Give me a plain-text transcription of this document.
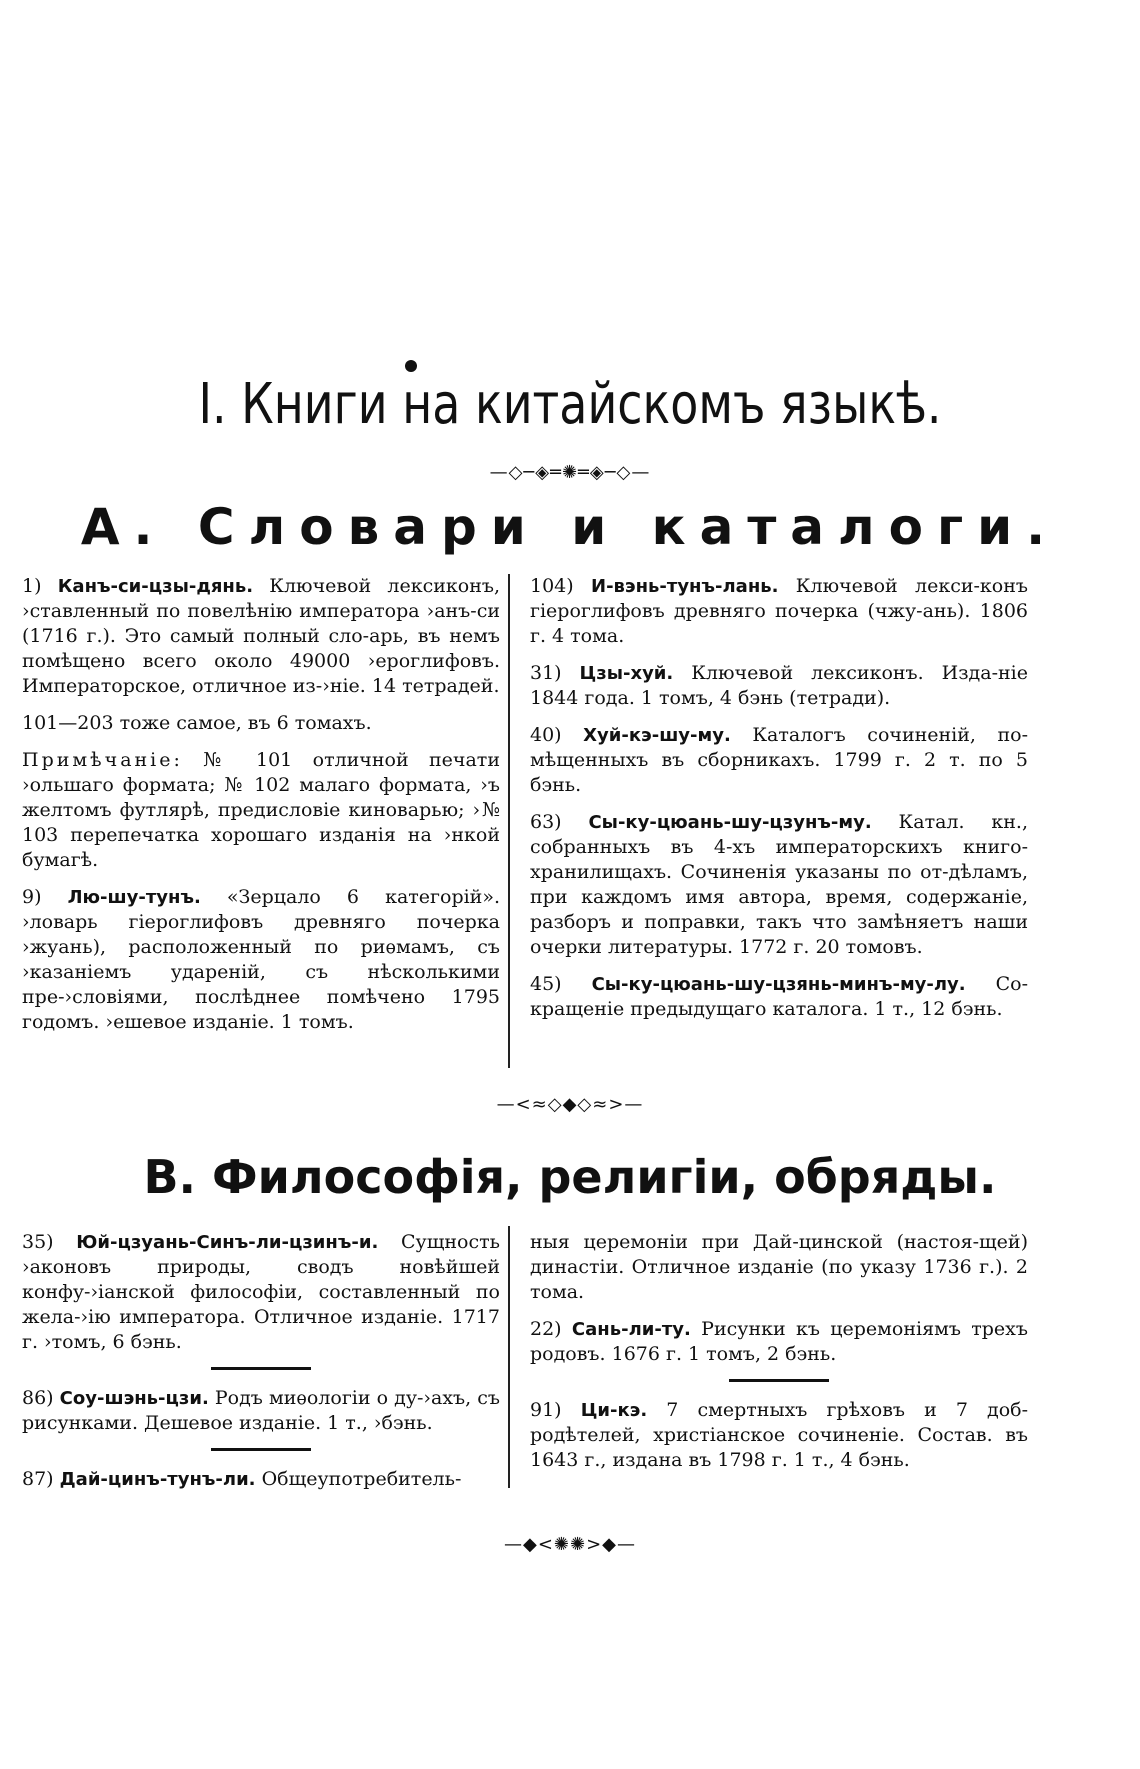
I. Книги на китайскомъ языкѣ.
—◇─◈═✺═◈─◇—
А. Словари и каталоги.

1) Канъ-си-цзы-дянь. Ключевой лексиконъ, ›ставленный по повелѣнію императора ›анъ-си (1716 г.). Это самый полный сло-арь, въ немъ помѣщено всего около 49000 ›ероглифовъ. Императорское, отличное из-›ніе. 14 тетрадей.

101—203 тоже самое, въ 6 томахъ.

Примѣчаніе: № 101 отличной печати ›ольшаго формата; № 102 малаго формата, ›ъ желтомъ футлярѣ, предисловіе киноварью; ›№ 103 перепечатка хорошаго изданія на ›нкой бумагѣ.

9) Лю-шу-тунъ. «Зерцало 6 категорій». ›ловарь гіероглифовъ древняго почерка ›жуань), расположенный по риѳмамъ, съ ›казаніемъ удареній, съ нѣсколькими пре-›словіями, послѣднее помѣчено 1795 годомъ. ›ешевое изданіе. 1 томъ.

104) И-вэнь-тунъ-лань. Ключевой лекси-конъ гіероглифовъ древняго почерка (чжу-ань). 1806 г. 4 тома.

31) Цзы-хуй. Ключевой лексиконъ. Изда-ніе 1844 года. 1 томъ, 4 бэнь (тетради).

40) Хуй-кэ-шу-му. Каталогъ сочиненій, по-мѣщенныхъ въ сборникахъ. 1799 г. 2 т. по 5 бэнь.

63) Сы-ку-цюань-шу-цзунъ-му. Катал. кн., собранныхъ въ 4-хъ императорскихъ книго-хранилищахъ. Сочиненія указаны по от-дѣламъ, при каждомъ имя автора, время, содержаніе, разборъ и поправки, такъ что замѣняетъ наши очерки литературы. 1772 г. 20 томовъ.

45) Сы-ку-цюань-шу-цзянь-минъ-му-лу. Со-кращеніе предыдущаго каталога. 1 т., 12 бэнь.

—<≈◇◆◇≈>—
В. Философія, религіи, обряды.

35) Юй-цзуань-Синъ-ли-цзинъ-и. Сущность ›аконовъ природы, сводъ новѣйшей конфу-›іанской философіи, составленный по жела-›ію императора. Отличное изданіе. 1717 г. ›томъ, 6 бэнь.

86) Соу-шэнь-цзи. Родъ миѳологіи о ду-›ахъ, съ рисунками. Дешевое изданіе. 1 т., ›бэнь.

87) Дай-цинъ-тунъ-ли. Общеупотребитель-

ныя церемоніи при Дай-цинской (настоя-щей) династіи. Отличное изданіе (по указу 1736 г.). 2 тома.

22) Сань-ли-ту. Рисунки къ церемоніямъ трехъ родовъ. 1676 г. 1 томъ, 2 бэнь.

91) Ци-кэ. 7 смертныхъ грѣховъ и 7 доб-родѣтелей, христіанское сочиненіе. Состав. въ 1643 г., издана въ 1798 г. 1 т., 4 бэнь.

—◆<✺✺>◆—
